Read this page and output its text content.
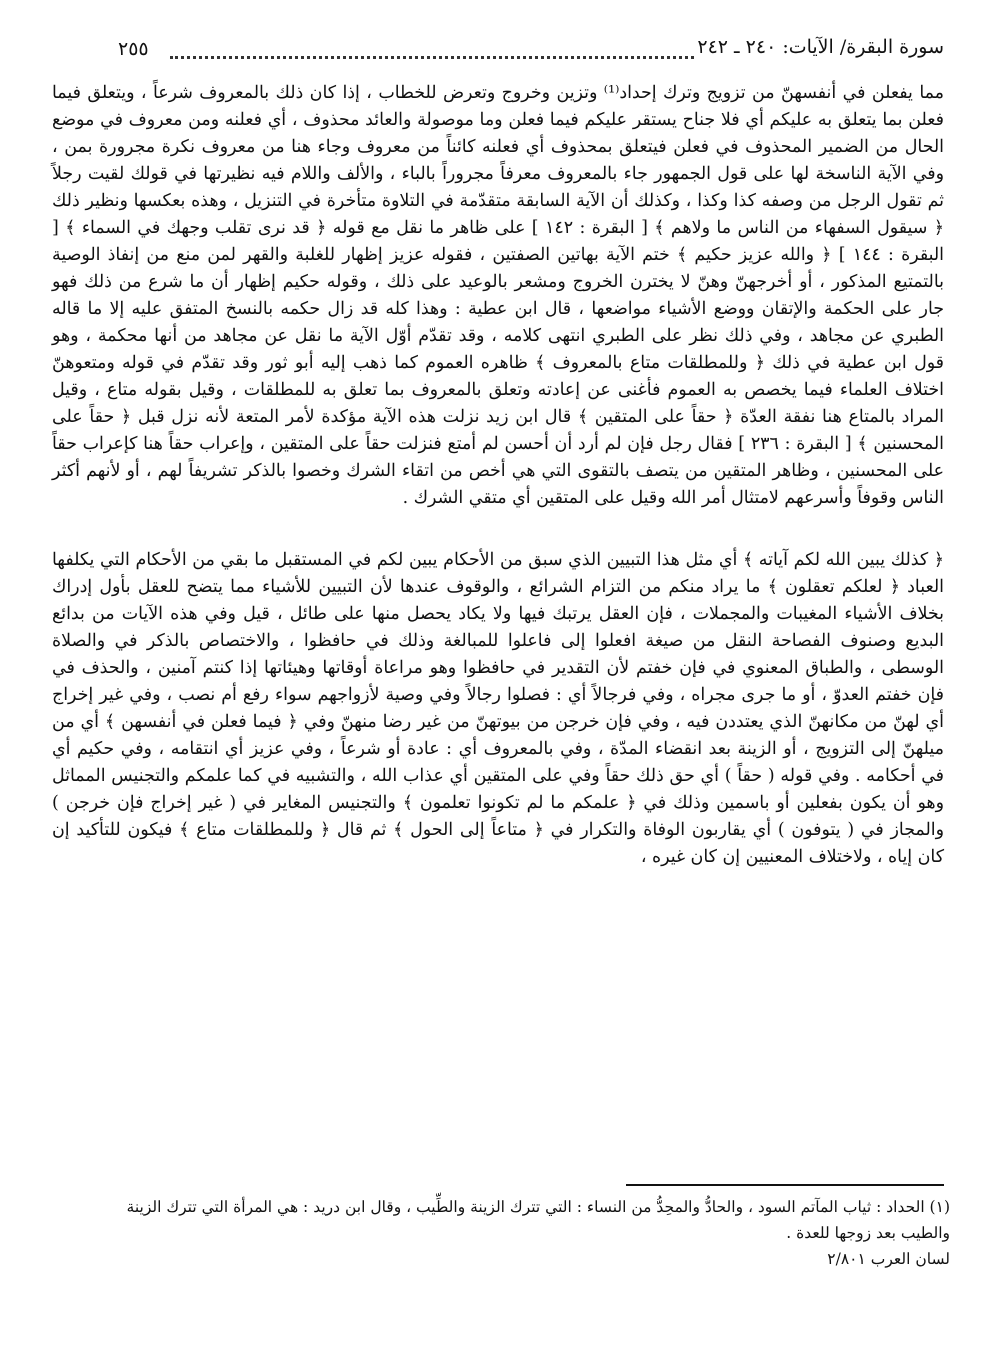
٢٥٥	سورة البقرة/ الآيات: ٢٤٠ ـ ٢٤٢

مما يفعلن في أنفسهنّ من تزويج وترك إحداد⁽¹⁾ وتزين وخروج وتعرض للخطاب ، إذا كان ذلك بالمعروف شرعاً ، ويتعلق فيما فعلن بما يتعلق به عليكم أي فلا جناح يستقر عليكم فيما فعلن وما موصولة والعائد محذوف ، أي فعلنه ومن معروف في موضع الحال من الضمير المحذوف في فعلن فيتعلق بمحذوف أي فعلنه كائناً من معروف وجاء هنا من معروف نكرة مجرورة بمن ، وفي الآية الناسخة لها على قول الجمهور جاء بالمعروف معرفاً مجروراً بالباء ، والألف واللام فيه نظيرتها في قولك لقيت رجلاً ثم تقول الرجل من وصفه كذا وكذا ، وكذلك أن الآية السابقة متقدّمة في التلاوة متأخرة في التنزيل ، وهذه بعكسها ونظير ذلك ﴿ سيقول السفهاء من الناس ما ولاهم ﴾ [ البقرة : ١٤٢ ] على ظاهر ما نقل مع قوله ﴿ قد نرى تقلب وجهك في السماء ﴾ [ البقرة : ١٤٤ ] ﴿ والله عزيز حكيم ﴾ ختم الآية بهاتين الصفتين ، فقوله عزيز إظهار للغلبة والقهر لمن منع من إنفاذ الوصية بالتمتيع المذكور ، أو أخرجهنّ وهنّ لا يخترن الخروج ومشعر بالوعيد على ذلك ، وقوله حكيم إظهار أن ما شرع من ذلك فهو جار على الحكمة والإتقان ووضع الأشياء مواضعها ، قال ابن عطية : وهذا كله قد زال حكمه بالنسخ المتفق عليه إلا ما قاله الطبري عن مجاهد ، وفي ذلك نظر على الطبري انتهى كلامه ، وقد تقدّم أوّل الآية ما نقل عن مجاهد من أنها محكمة ، وهو قول ابن عطية في ذلك ﴿ وللمطلقات متاع بالمعروف ﴾ ظاهره العموم كما ذهب إليه أبو ثور وقد تقدّم في قوله ومتعوهنّ اختلاف العلماء فيما يخصص به العموم فأغنى عن إعادته وتعلق بالمعروف بما تعلق به للمطلقات ، وقيل بقوله متاع ، وقيل المراد بالمتاع هنا نفقة العدّة ﴿ حقاً على المتقين ﴾ قال ابن زيد نزلت هذه الآية مؤكدة لأمر المتعة لأنه نزل قبل ﴿ حقاً على المحسنين ﴾ [ البقرة : ٢٣٦ ] فقال رجل فإن لم أرد أن أحسن لم أمتع فنزلت حقاً على المتقين ، وإعراب حقاً هنا كإعراب حقاً على المحسنين ، وظاهر المتقين من يتصف بالتقوى التي هي أخص من اتقاء الشرك وخصوا بالذكر تشريفاً لهم ، أو لأنهم أكثر الناس وقوفاً وأسرعهم لامتثال أمر الله وقيل على المتقين أي متقي الشرك .

﴿ كذلك يبين الله لكم آياته ﴾ أي مثل هذا التبيين الذي سبق من الأحكام يبين لكم في المستقبل ما بقي من الأحكام التي يكلفها العباد ﴿ لعلكم تعقلون ﴾ ما يراد منكم من التزام الشرائع ، والوقوف عندها لأن التبيين للأشياء مما يتضح للعقل بأول إدراك بخلاف الأشياء المغيبات والمجملات ، فإن العقل يرتبك فيها ولا يكاد يحصل منها على طائل ، قيل وفي هذه الآيات من بدائع البديع وصنوف الفصاحة النقل من صيغة افعلوا إلى فاعلوا للمبالغة وذلك في حافظوا ، والاختصاص بالذكر في والصلاة الوسطى ، والطباق المعنوي في فإن خفتم لأن التقدير في حافظوا وهو مراعاة أوقاتها وهيئاتها إذا كنتم آمنين ، والحذف في فإن خفتم العدوّ ، أو ما جرى مجراه ، وفي فرجالاً أي : فصلوا رجالاً وفي وصية لأزواجهم سواء رفع أم نصب ، وفي غير إخراج أي لهنّ من مكانهنّ الذي يعتددن فيه ، وفي فإن خرجن من بيوتهنّ من غير رضا منهنّ وفي ﴿ فيما فعلن في أنفسهن ﴾ أي من ميلهنّ إلى التزويج ، أو الزينة بعد انقضاء المدّة ، وفي بالمعروف أي : عادة أو شرعاً ، وفي عزيز أي انتقامه ، وفي حكيم أي في أحكامه . وفي قوله ( حقاً ) أي حق ذلك حقاً وفي على المتقين أي عذاب الله ، والتشبيه في كما علمكم والتجنيس المماثل وهو أن يكون بفعلين أو باسمين وذلك في ﴿ علمكم ما لم تكونوا تعلمون ﴾ والتجنيس المغاير في ( غير إخراج فإن خرجن ) والمجاز في ( يتوفون ) أي يقاربون الوفاة والتكرار في ﴿ متاعاً إلى الحول ﴾ ثم قال ﴿ وللمطلقات متاع ﴾ فيكون للتأكيد إن كان إياه ، ولاختلاف المعنيين إن كان غيره ،

(١) الحداد : ثياب المآتم السود ، والحادُّ والمحِدُّ من النساء : التي تترك الزينة والطِّيب ، وقال ابن دريد : هي المرأة التي تترك الزينة والطيب بعد زوجها للعدة .

لسان العرب ٢/٨٠١
